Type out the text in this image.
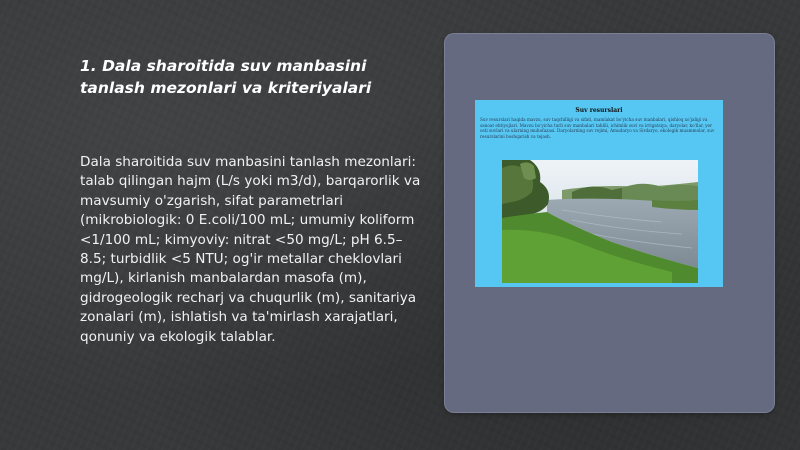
1. Dala sharoitida suv manbasini tanlash mezonlari va kriteriyalari

Dala sharoitida suv manbasini tanlash mezonlari: talab qilingan hajm (L/s yoki m3/d), barqarorlik va mavsumiy o'zgarish, sifat parametrlari (mikrobiologik: 0 E.coli/100 mL; umumiy koliform <1/100 mL; kimyoviy: nitrat <50 mg/L; pH 6.5–8.5; turbidlik <5 NTU; og'ir metallar cheklovlari mg/L), kirlanish manbalardan masofa (m), gidrogeologik recharj va chuqurlik (m), sanitariya zonalari (m), ishlatish va ta'mirlash xarajatlari, qonuniy va ekologik talablar.

Suv resurslari

Suv resurslari haqida mavzu, suv taqchilligi va sifati, mamlakat bo'yicha suv manbalari, qishloq xo'jaligi va sanoat ehtiyojlari. Mavzu bo'yicha turli suv manbalari tahlili, ichimlik suvi va irrigatsiya, daryolar, ko'llar, yer osti suvlari va ularning muhofazasi. Daryolarning suv rejimi, Amudaryo va Sirdaryo, ekologik muammolar, suv resurslarini boshqarish va tejash.
